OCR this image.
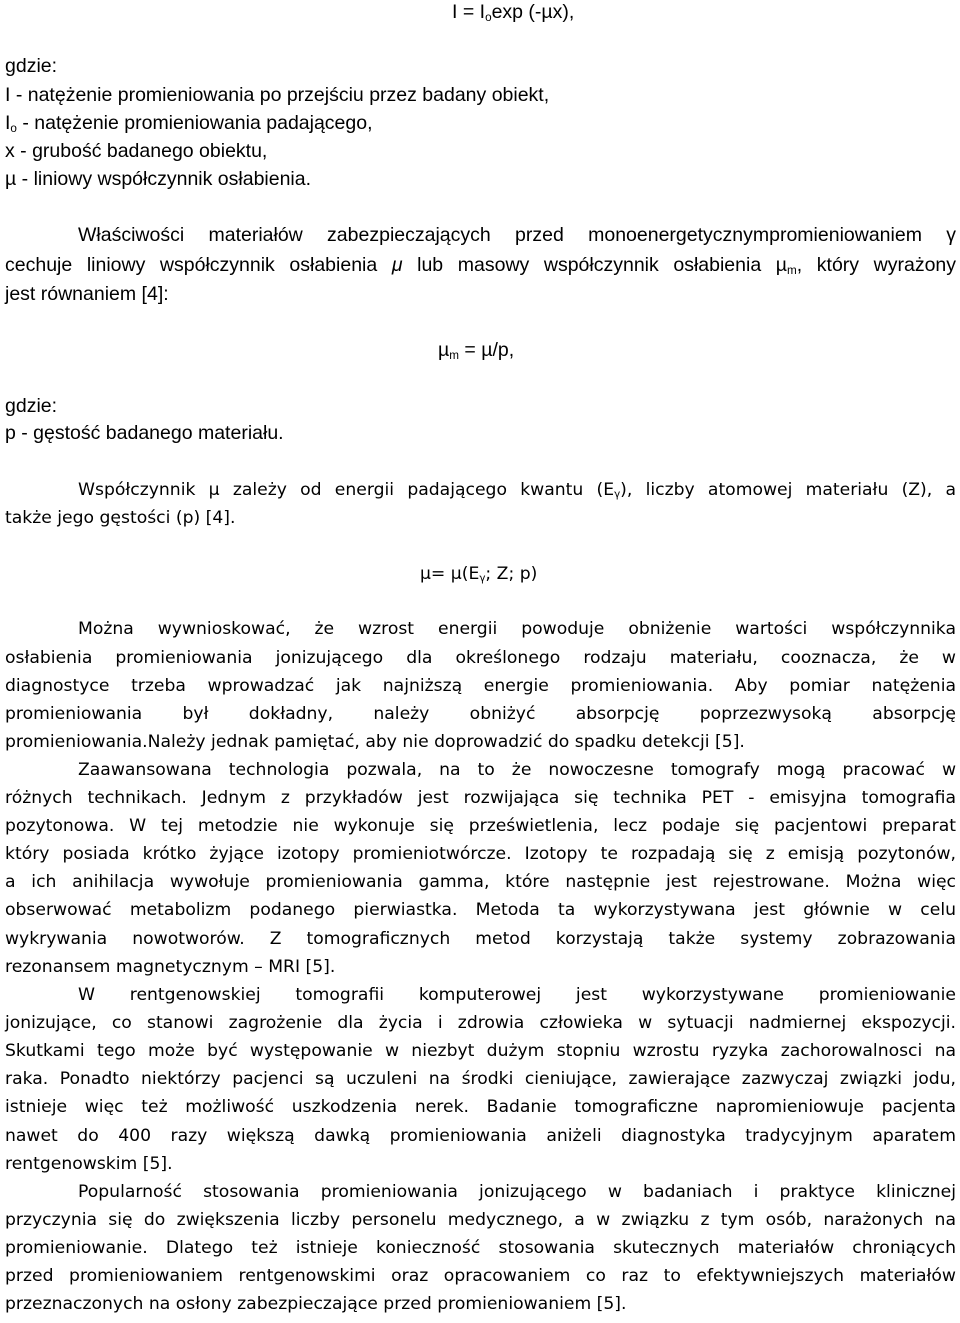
$I = I_o\exp$ (-µx),
gdzie:
I - natężenie promieniowania po przejściu przez badany obiekt,
$I_o$ - natężenie promieniowania padającego,
x - grubość badanego obiektu,
µ - liniowy współczynnik osłabienia.
Właściwości materiałów zabezpieczających przed monoenergetycznympromieniowaniem γ
cechuje liniowy współczynnik osłabienia μ lub masowy współczynnik osłabienia µ$_m$, który wyrażony
jest równaniem [4]:
µ$_m$ = µ/p,
gdzie:
p - gęstość badanego materiału.
Współczynnik µ zależy od energii padającego kwantu $(E_\gamma)$, liczby atomowej materiału (Z), a
także jego gęstości (p) [4].
$\mu= \mu(E_\gamma$; Z; p)
Można wywnioskować, że wzrost energii powoduje obniżenie wartości współczynnika
osłabienia promieniowania jonizującego dla określonego rodzaju materiału, cooznacza, że w
diagnostyce trzeba wprowadzać jak najniższą energie promieniowania. Aby pomiar natężenia
promieniowania był dokładny, należy obniżyć absorpcję poprzezwysoką absorpcję
promieniowania.Należy jednak pamiętać, aby nie doprowadzić do spadku detekcji [5].
Zaawansowana technologia pozwala, na to że nowoczesne tomografy mogą pracować w
różnych technikach. Jednym z przykładów jest rozwijająca się technika PET - emisyjna tomografia
pozytonowa. W tej metodzie nie wykonuje się prześwietlenia, lecz podaje się pacjentowi preparat
który posiada krótko żyjące izotopy promieniotwórcze. Izotopy te rozpadają się z emisją pozytonów,
a ich anihilacja wywołuje promieniowania gamma, które następnie jest rejestrowane. Można więc
obserwować metabolizm podanego pierwiastka. Metoda ta wykorzystywana jest głównie w celu
wykrywania nowotworów. Z tomograficznych metod korzystają także systemy zobrazowania
rezonansem magnetycznym – MRI [5].
W rentgenowskiej tomografii komputerowej jest wykorzystywane promieniowanie
jonizujące, co stanowi zagrożenie dla życia i zdrowia człowieka w sytuacji nadmiernej ekspozycji.
Skutkami tego może być występowanie w niezbyt dużym stopniu wzrostu ryzyka zachorowalnosci na
raka. Ponadto niektórzy pacjenci są uczuleni na środki cieniujące, zawierające zazwyczaj związki jodu,
istnieje więc też możliwość uszkodzenia nerek. Badanie tomograficzne napromieniowuje pacjenta
nawet do 400 razy większą dawką promieniowania aniżeli diagnostyka tradycyjnym aparatem
rentgenowskim [5].
Popularność stosowania promieniowania jonizującego w badaniach i praktyce klinicznej
przyczynia się do zwiększenia liczby personelu medycznego, a w związku z tym osób, narażonych na
promieniowanie. Dlatego też istnieje konieczność stosowania skutecznych materiałów chroniących
przed promieniowaniem rentgenowskimi oraz opracowaniem co raz to efektywniejszych materiałów
przeznaczonych na osłony zabezpieczające przed promieniowaniem [5].
